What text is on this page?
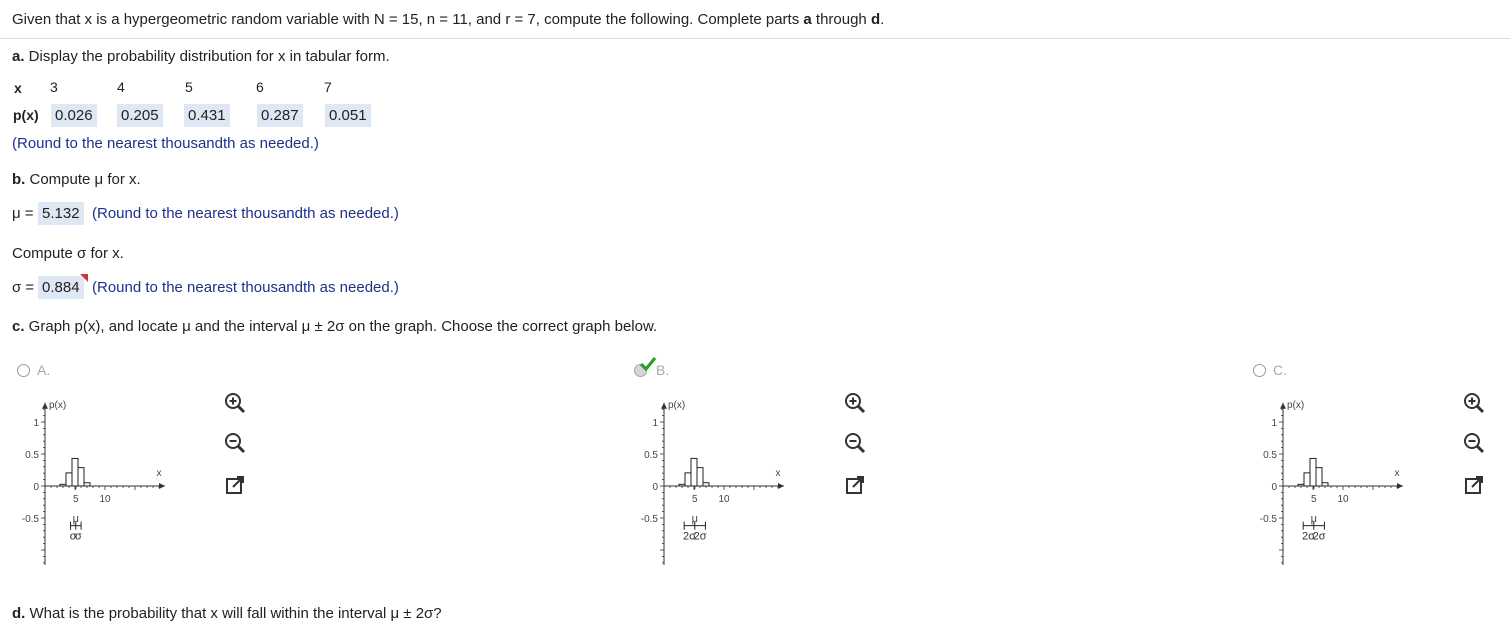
Given that x is a hypergeometric random variable with N = 15, n = 11, and r = 7, compute the following. Complete parts a through d.
a. Display the probability distribution for x in tabular form.
x 3	4	5	6	7
p(x) 0.026 0.205 0.431 0.287 0.051
(Round to the nearest thousandth as needed.)
b. Compute μ for x.
μ = 5.132 (Round to the nearest thousandth as needed.)
Compute σ for x.
σ = 0.884 (Round to the nearest thousandth as needed.)
c. Graph p(x), and locate μ and the interval μ ± 2σ on the graph. Choose the correct graph below.
A.
1
0.5
0
-0.5
p(x)
10
x
5
μ
σ
σ
B.
1
0.5
0
-0.5
p(x)
10
x
5
μ
2σ
2σ
C.
1
0.5
0
-0.5
p(x)
10
x
5
μ
2σ
2σ
d. What is the probability that x will fall within the interval μ ± 2σ?
